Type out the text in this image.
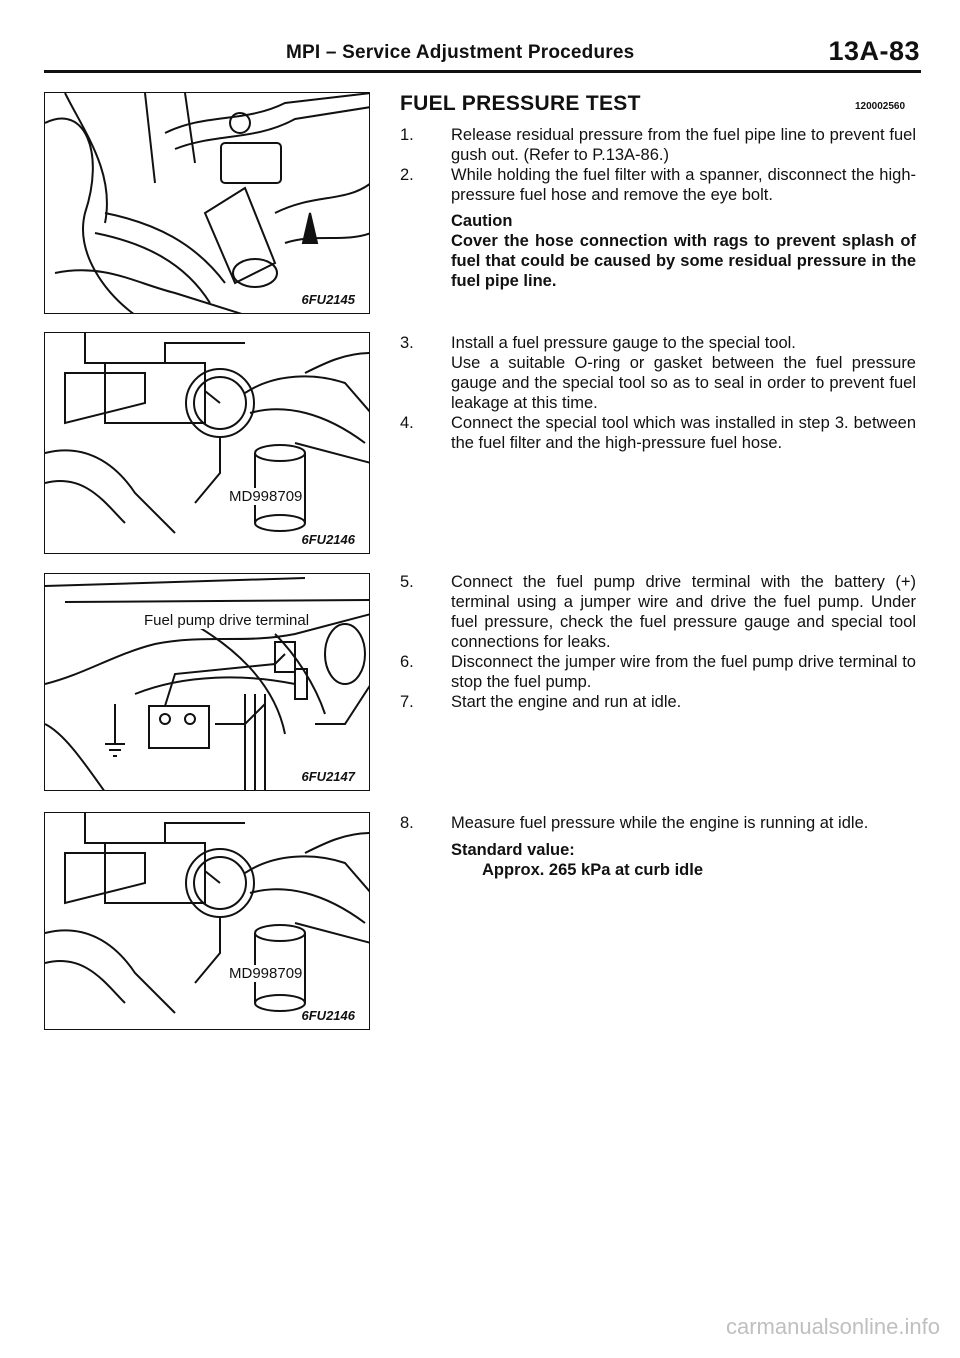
MPI – Service Adjustment Procedures	13A-83
6FU2145
MD998709
6FU2146
Fuel pump drive terminal
6FU2147
MD998709
6FU2146
FUEL PRESSURE TEST	120002560
1. Release residual pressure from the fuel pipe line to prevent fuel gush out. (Refer to P.13A-86.)
2. While holding the fuel filter with a spanner, disconnect the high-pressure fuel hose and remove the eye bolt.
Caution
Cover the hose connection with rags to prevent splash of fuel that could be caused by some residual pressure in the fuel pipe line.
3. Install a fuel pressure gauge to the special tool.
Use a suitable O-ring or gasket between the fuel pressure gauge and the special tool so as to seal in order to prevent fuel leakage at this time.
4. Connect the special tool which was installed in step 3. between the fuel filter and the high-pressure fuel hose.
5. Connect the fuel pump drive terminal with the battery (+) terminal using a jumper wire and drive the fuel pump. Under fuel pressure, check the fuel pressure gauge and special tool connections for leaks.
6. Disconnect the jumper wire from the fuel pump drive terminal to stop the fuel pump.
7. Start the engine and run at idle.
8. Measure fuel pressure while the engine is running at idle.
Standard value:
Approx. 265 kPa at curb idle
carmanualsonline.info
